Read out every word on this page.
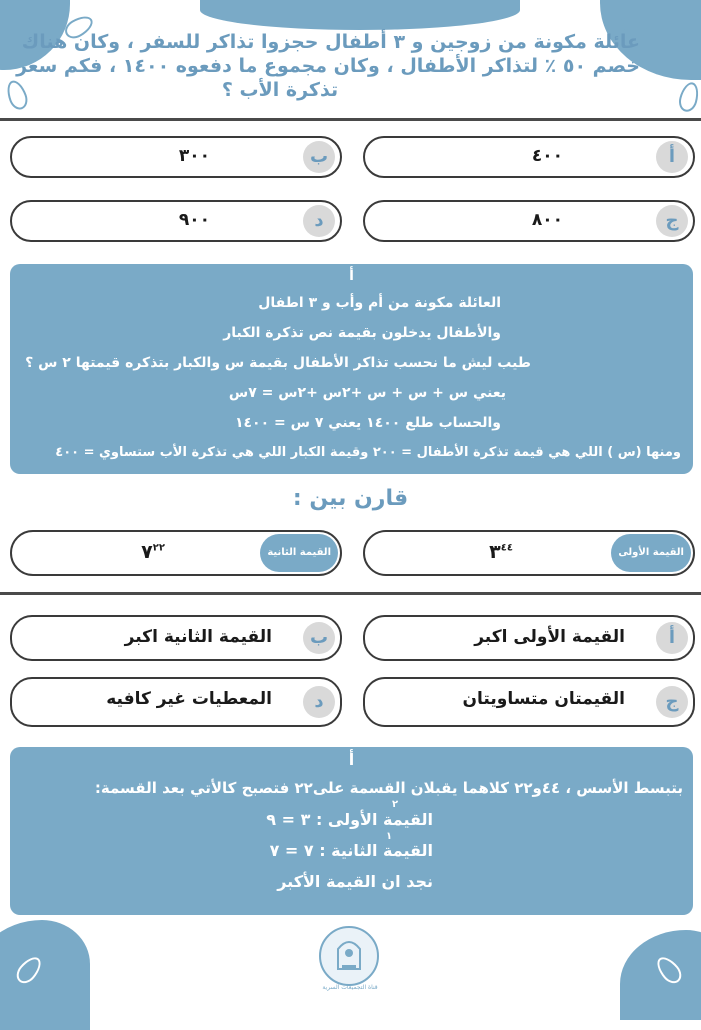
عائلة مكونة من زوجين و ٣ أطفال حجزوا تذاكر للسفر ، وكان هناك
خصم ٥٠ ٪ لتذاكر الأطفال ، وكان مجموع ما دفعوه ١٤٠٠ ، فكم سعر
تذكرة الأب ؟
أ
٤٠٠
ب
٣٠٠
ج
٨٠٠
د
٩٠٠
أ
العائلة مكونة من أم وأب و ٣ اطفال
والأطفال يدخلون بقيمة نص تذكرة الكبار
طيب ليش ما نحسب تذاكر الأطفال بقيمة س والكبار بتذكره قيمتها ٢ س ؟
يعني س + س + س +٢س +٢س = ٧س
والحساب طلع ١٤٠٠ يعني ٧ س = ١٤٠٠
ومنها (س ) اللي هي قيمة تذكرة الأطفال = ٢٠٠ وقيمة الكبار اللي هي تذكرة الأب ستساوي = ٤٠٠
قارن بين :
القيمة الأولى
$٣^{٤٤}$
القيمة الثانية
$٧^{٢٢}$
أ
القيمة الأولى اكبر
ب
القيمة الثانية اكبر
ج
القيمتان متساويتان
د
المعطيات غير كافيه
أ
بتبسط الأسس ، ٤٤و٢٢ كلاهما يقبلان القسمة على٢٢ فتصبح كالأتي بعد القسمة:
القيمة الأولى : ٣ = ٩
القيمة الثانية : ٧ = ٧
نجد ان القيمة الأكبر
٢
١
قناة التجميعات السرية
